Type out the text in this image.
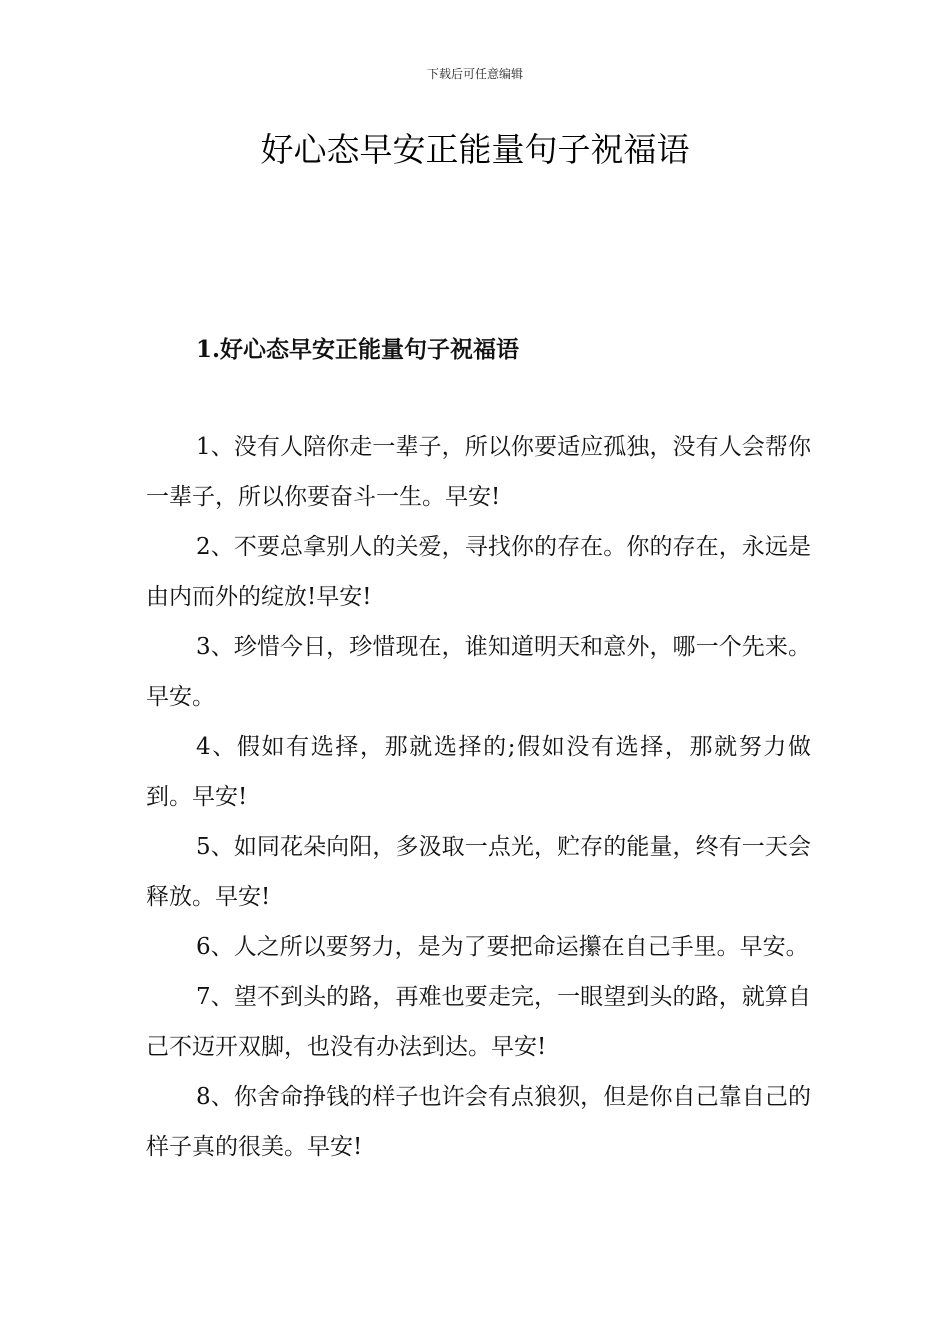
下载后可任意编辑
好心态早安正能量句子祝福语
1.好心态早安正能量句子祝福语

1、没有人陪你走一辈子，所以你要适应孤独，没有人会帮你一辈子，所以你要奋斗一生。早安!

2、不要总拿别人的关爱，寻找你的存在。你的存在，永远是由内而外的绽放!早安!

3、珍惜今日，珍惜现在，谁知道明天和意外，哪一个先来。早安。

4、假如有选择，那就选择的;假如没有选择，那就努力做到。早安!

5、如同花朵向阳，多汲取一点光，贮存的能量，终有一天会释放。早安!

6、人之所以要努力，是为了要把命运攥在自己手里。早安。

7、望不到头的路，再难也要走完，一眼望到头的路，就算自己不迈开双脚，也没有办法到达。早安!

8、你舍命挣钱的样子也许会有点狼狈，但是你自己靠自己的样子真的很美。早安!
